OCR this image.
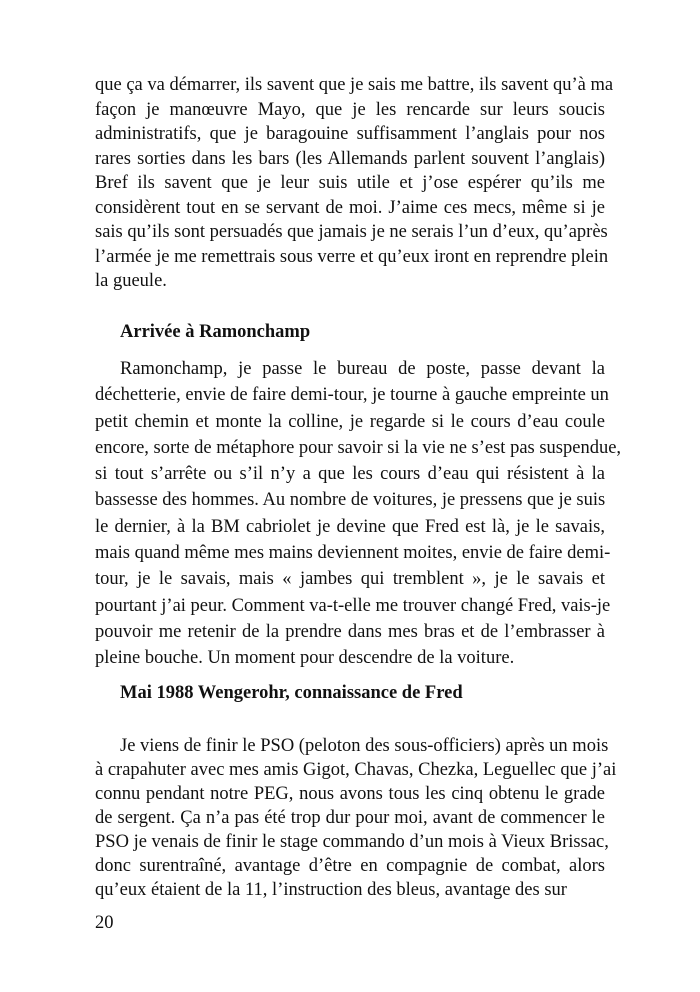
que ça va démarrer, ils savent que je sais me battre, ils savent qu’à ma
façon je manœuvre Mayo, que je les rencarde sur leurs soucis
administratifs, que je baragouine suffisamment l’anglais pour nos
rares sorties dans les bars (les Allemands parlent souvent l’anglais)
Bref ils savent que je leur suis utile et j’ose espérer qu’ils me
considèrent tout en se servant de moi. J’aime ces mecs, même si je
sais qu’ils sont persuadés que jamais je ne serais l’un d’eux, qu’après
l’armée je me remettrais sous verre et qu’eux iront en reprendre plein
la gueule.
Arrivée à Ramonchamp
Ramonchamp, je passe le bureau de poste, passe devant la
déchetterie, envie de faire demi-tour, je tourne à gauche empreinte un
petit chemin et monte la colline, je regarde si le cours d’eau coule
encore, sorte de métaphore pour savoir si la vie ne s’est pas suspendue,
si tout s’arrête ou s’il n’y a que les cours d’eau qui résistent à la
bassesse des hommes. Au nombre de voitures, je pressens que je suis
le dernier, à la BM cabriolet je devine que Fred est là, je le savais,
mais quand même mes mains deviennent moites, envie de faire demi-
tour, je le savais, mais « jambes qui tremblent », je le savais et
pourtant j’ai peur. Comment va-t-elle me trouver changé Fred, vais-je
pouvoir me retenir de la prendre dans mes bras et de l’embrasser à
pleine bouche. Un moment pour descendre de la voiture.
Mai 1988 Wengerohr, connaissance de Fred
Je viens de finir le PSO (peloton des sous-officiers) après un mois
à crapahuter avec mes amis Gigot, Chavas, Chezka, Leguellec que j’ai
connu pendant notre PEG, nous avons tous les cinq obtenu le grade
de sergent. Ça n’a pas été trop dur pour moi, avant de commencer le
PSO je venais de finir le stage commando d’un mois à Vieux Brissac,
donc surentraîné, avantage d’être en compagnie de combat, alors
qu’eux étaient de la 11, l’instruction des bleus, avantage des sur
20
